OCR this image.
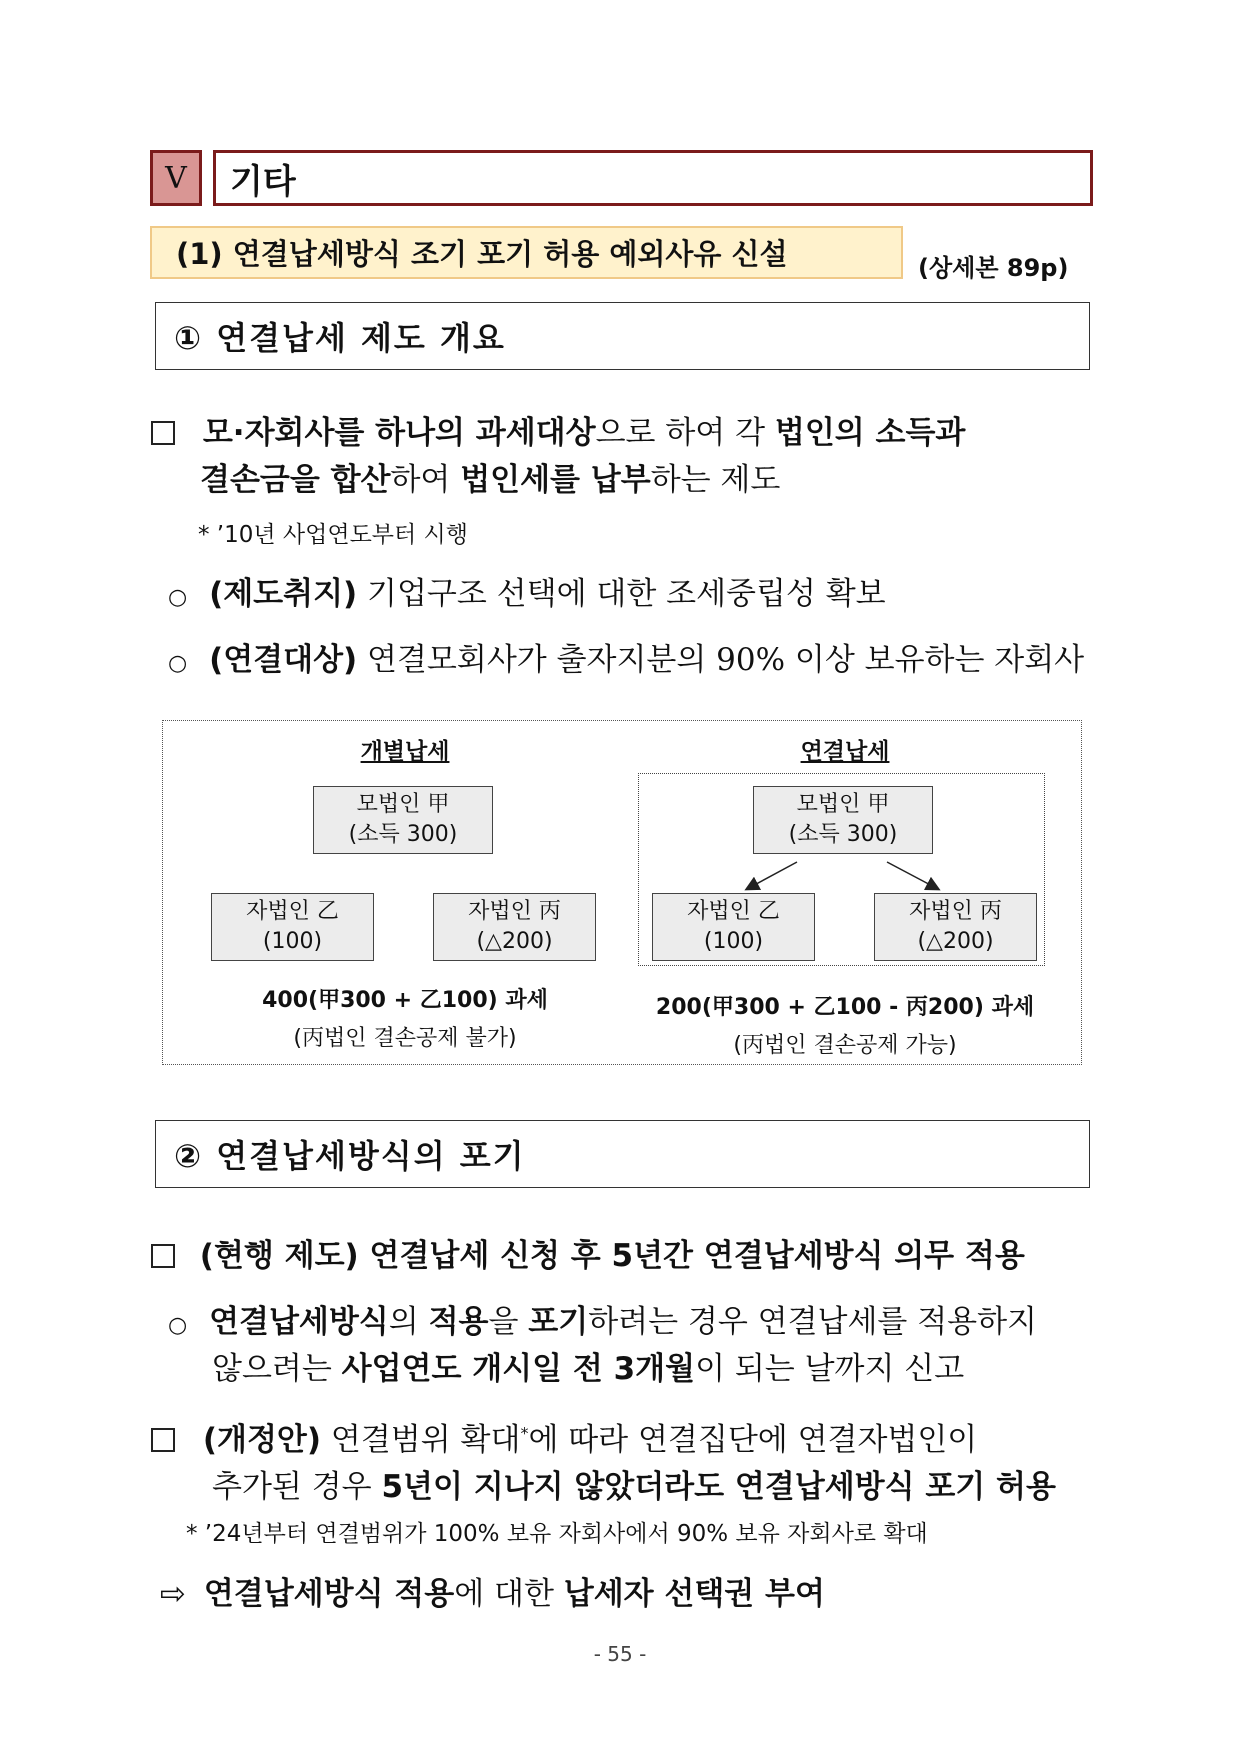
Ⅴ	기타
(1) 연결납세방식 조기 포기 허용 예외사유 신설	(상세본 89p)
① 연결납세 제도 개요
모·자회사를 하나의 과세대상으로 하여 각 법인의 소득과
결손금을 합산하여 법인세를 납부하는 제도
* ’10년 사업연도부터 시행
○ (제도취지) 기업구조 선택에 대한 조세중립성 확보
○ (연결대상) 연결모회사가 출자지분의 90% 이상 보유하는 자회사
개별납세
모법인 甲
(소득 300)
자법인 乙
(100)
자법인 丙
(△200)
400(甲300 + 乙100) 과세
(丙법인 결손공제 불가)
연결납세
모법인 甲
(소득 300)
자법인 乙
(100)
자법인 丙
(△200)
200(甲300 + 乙100 - 丙200) 과세
(丙법인 결손공제 가능)
② 연결납세방식의 포기
(현행 제도) 연결납세 신청 후 5년간 연결납세방식 의무 적용
○ 연결납세방식의 적용을 포기하려는 경우 연결납세를 적용하지
않으려는 사업연도 개시일 전 3개월이 되는 날까지 신고
(개정안) 연결범위 확대*에 따라 연결집단에 연결자법인이
추가된 경우 5년이 지나지 않았더라도 연결납세방식 포기 허용
* ’24년부터 연결범위가 100% 보유 자회사에서 90% 보유 자회사로 확대
⇨ 연결납세방식 적용에 대한 납세자 선택권 부여
- 55 -
